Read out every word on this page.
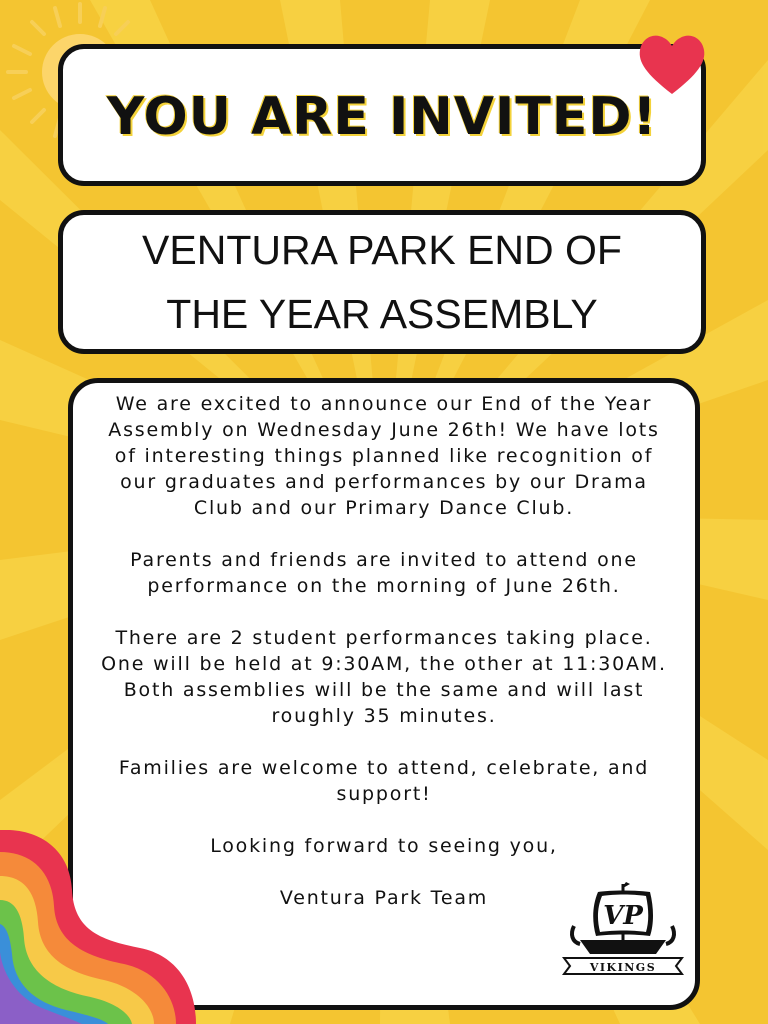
YOU ARE INVITED!
VENTURA PARK END OF THE YEAR ASSEMBLY

We are excited to announce our End of the Year Assembly on Wednesday June 26th! We have lots of interesting things planned like recognition of our graduates and performances by our Drama Club and our Primary Dance Club.

Parents and friends are invited to attend one performance on the morning of June 26th.

There are 2 student performances taking place. One will be held at 9:30AM, the other at 11:30AM. Both assemblies will be the same and will last roughly 35 minutes.

Families are welcome to attend, celebrate, and support!

Looking forward to seeing you,

Ventura Park Team

VP
VIKINGS
